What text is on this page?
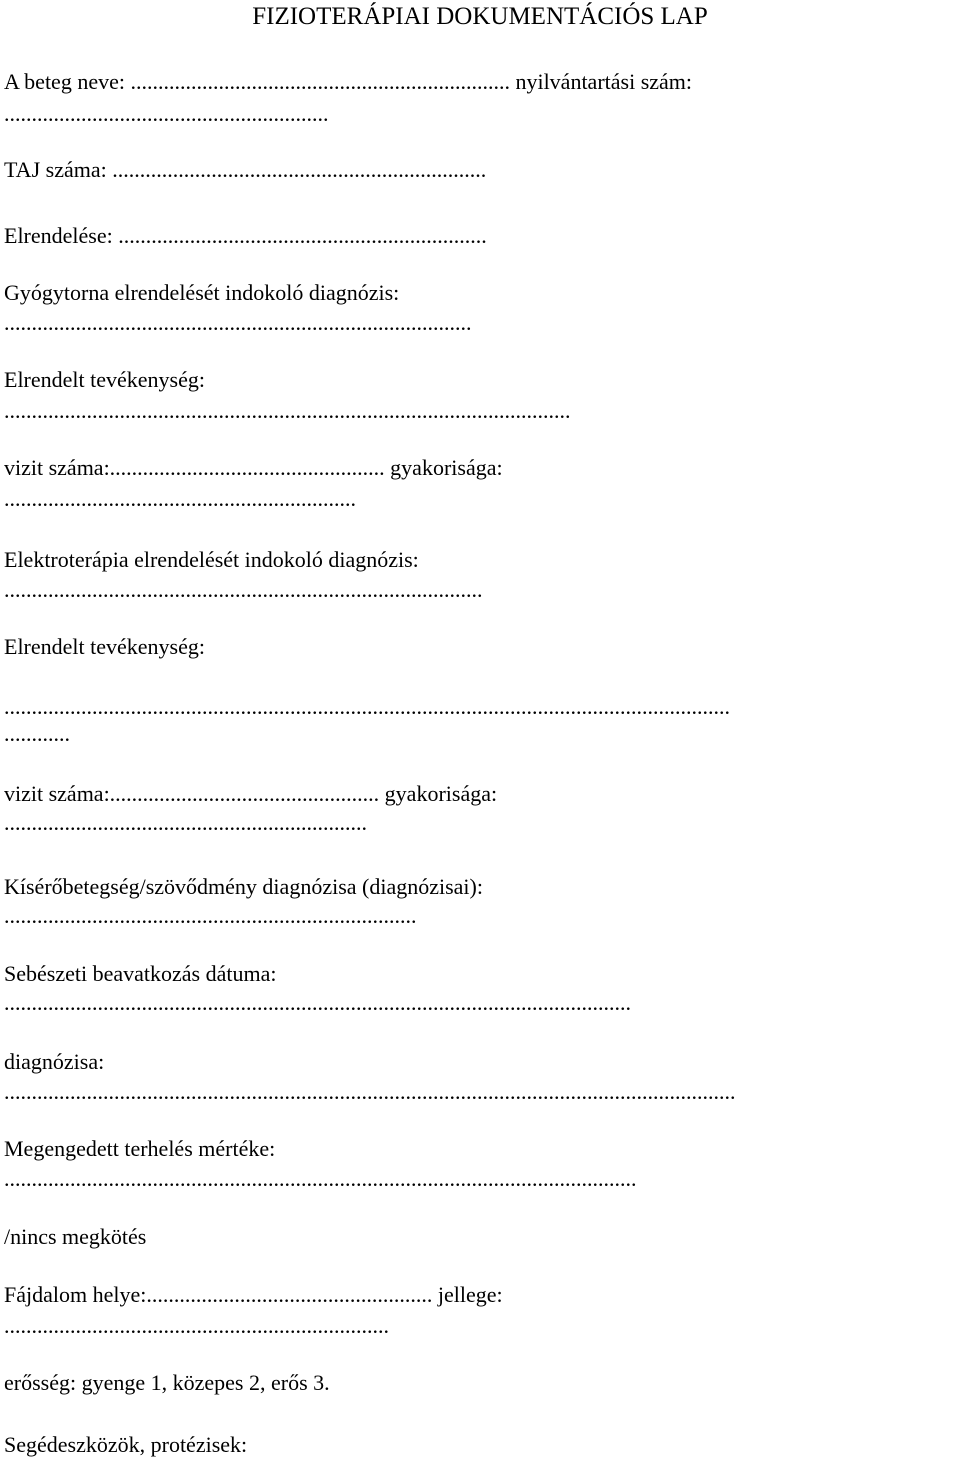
FIZIOTERÁPIAI DOKUMENTÁCIÓS LAP
A beteg neve: ..................................................................... nyilvántartási szám:
...........................................................
TAJ száma: ....................................................................
Elrendelése: ...................................................................
Gyógytorna elrendelését indokoló diagnózis:
.....................................................................................
Elrendelt tevékenység:
.......................................................................................................
vizit száma:.................................................. gyakorisága:
................................................................
Elektroterápia elrendelését indokoló diagnózis:
.......................................................................................
Elrendelt tevékenység:
....................................................................................................................................
............
vizit száma:................................................. gyakorisága:
..................................................................
Kísérőbetegség/szövődmény diagnózisa (diagnózisai):
...........................................................................
Sebészeti beavatkozás dátuma:
..................................................................................................................
diagnózisa:
.....................................................................................................................................
Megengedett terhelés mértéke:
...................................................................................................................
/nincs megkötés
Fájdalom helye:.................................................... jellege:
......................................................................
erősség: gyenge 1, közepes 2, erős 3.
Segédeszközök, protézisek:
